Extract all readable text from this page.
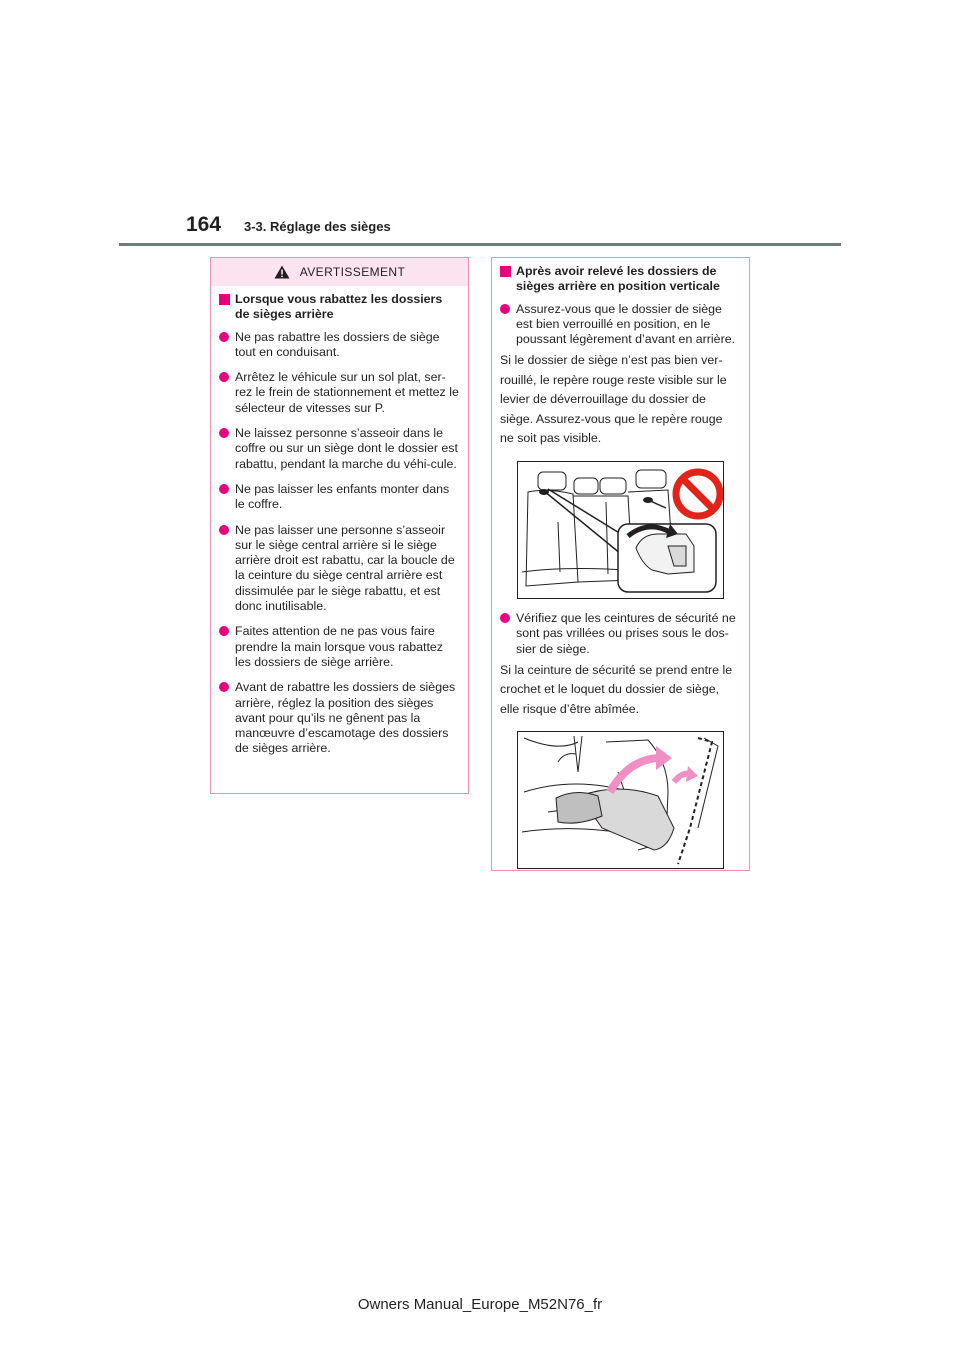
164 3-3. Réglage des sièges
AVERTISSEMENT
Lorsque vous rabattez les dossiers de sièges arrière
Ne pas rabattre les dossiers de siège tout en conduisant.
Arrêtez le véhicule sur un sol plat, ser-rez le frein de stationnement et mettez le sélecteur de vitesses sur P.
Ne laissez personne s’asseoir dans le coffre ou sur un siège dont le dossier est rabattu, pendant la marche du véhi-cule.
Ne pas laisser les enfants monter dans le coffre.
Ne pas laisser une personne s’asseoir sur le siège central arrière si le siège arrière droit est rabattu, car la boucle de la ceinture du siège central arrière est dissimulée par le siège rabattu, et est donc inutilisable.
Faites attention de ne pas vous faire prendre la main lorsque vous rabattez les dossiers de siège arrière.
Avant de rabattre les dossiers de sièges arrière, réglez la position des sièges avant pour qu’ils ne gênent pas la manœuvre d’escamotage des dossiers de sièges arrière.
Après avoir relevé les dossiers de sièges arrière en position verticale
Assurez-vous que le dossier de siège est bien verrouillé en position, en le poussant légèrement d’avant en arrière.

Si le dossier de siège n’est pas bien ver-
rouillé, le repère rouge reste visible sur le
levier de déverrouillage du dossier de
siège. Assurez-vous que le repère rouge
ne soit pas visible.

Vérifiez que les ceintures de sécurité ne sont pas vrillées ou prises sous le dos-sier de siège.

Si la ceinture de sécurité se prend entre le
crochet et le loquet du dossier de siège,
elle risque d’être abîmée.

Owners Manual_Europe_M52N76_fr
